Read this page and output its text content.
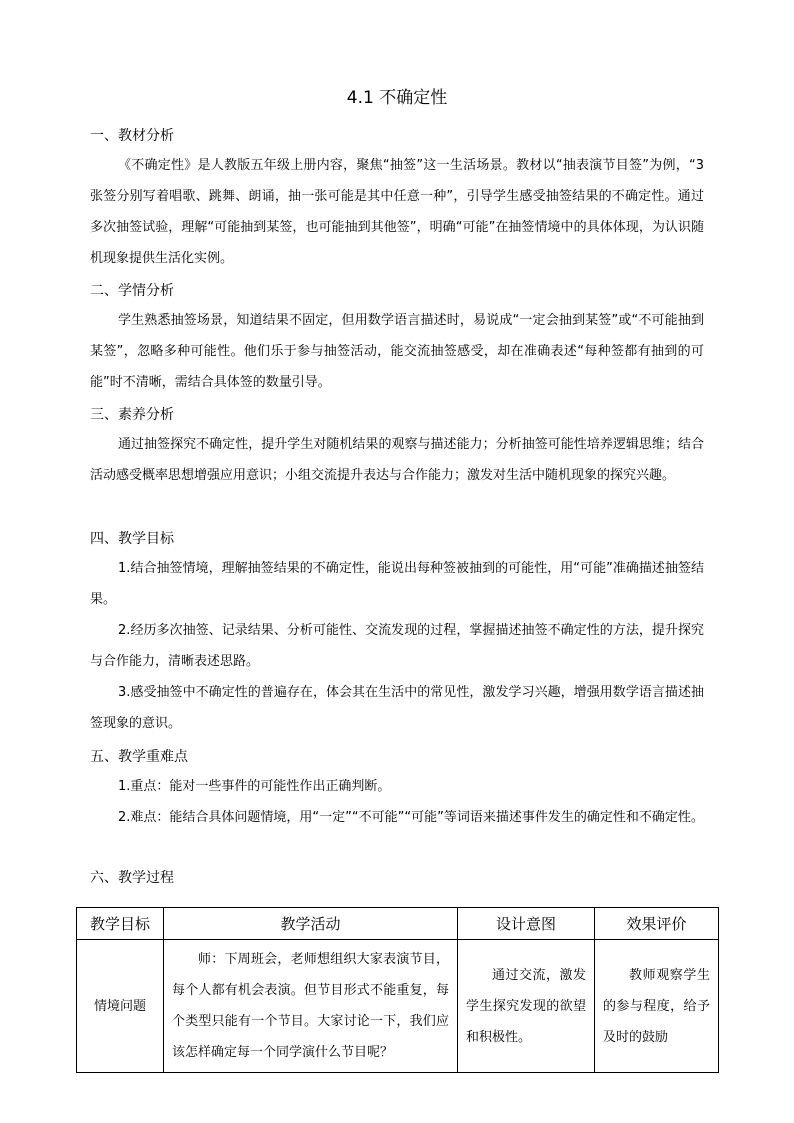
4.1 不确定性
一、教材分析

《不确定性》是人教版五年级上册内容，聚焦“抽签”这一生活场景。教材以“抽表演节目签”为例，“3张签分别写着唱歌、跳舞、朗诵，抽一张可能是其中任意一种”，引导学生感受抽签结果的不确定性。通过多次抽签试验，理解“可能抽到某签，也可能抽到其他签”，明确“可能”在抽签情境中的具体体现，为认识随机现象提供生活化实例。

二、学情分析

学生熟悉抽签场景，知道结果不固定，但用数学语言描述时，易说成“一定会抽到某签”或“不可能抽到某签”，忽略多种可能性。他们乐于参与抽签活动，能交流抽签感受，却在准确表述“每种签都有抽到的可能”时不清晰，需结合具体签的数量引导。

三、素养分析

通过抽签探究不确定性，提升学生对随机结果的观察与描述能力；分析抽签可能性培养逻辑思维；结合活动感受概率思想增强应用意识；小组交流提升表达与合作能力；激发对生活中随机现象的探究兴趣。

四、教学目标

1.结合抽签情境，理解抽签结果的不确定性，能说出每种签被抽到的可能性，用“可能”准确描述抽签结果。

2.经历多次抽签、记录结果、分析可能性、交流发现的过程，掌握描述抽签不确定性的方法，提升探究与合作能力，清晰表述思路。

3.感受抽签中不确定性的普遍存在，体会其在生活中的常见性，激发学习兴趣，增强用数学语言描述抽签现象的意识。

五、教学重难点

1.重点：能对一些事件的可能性作出正确判断。

2.难点：能结合具体问题情境，用“一定”“不可能”“可能”等词语来描述事件发生的确定性和不确定性。

六、教学过程
教学目标	教学活动	设计意图	效果评价
情境问题	师：下周班会，老师想组织大家表演节目，每个人都有机会表演。但节目形式不能重复，每个类型只能有一个节目。大家讨论一下，我们应该怎样确定每一个同学演什么节目呢？	通过交流，激发学生探究发现的欲望和积极性。	教师观察学生的参与程度，给予及时的鼓励
